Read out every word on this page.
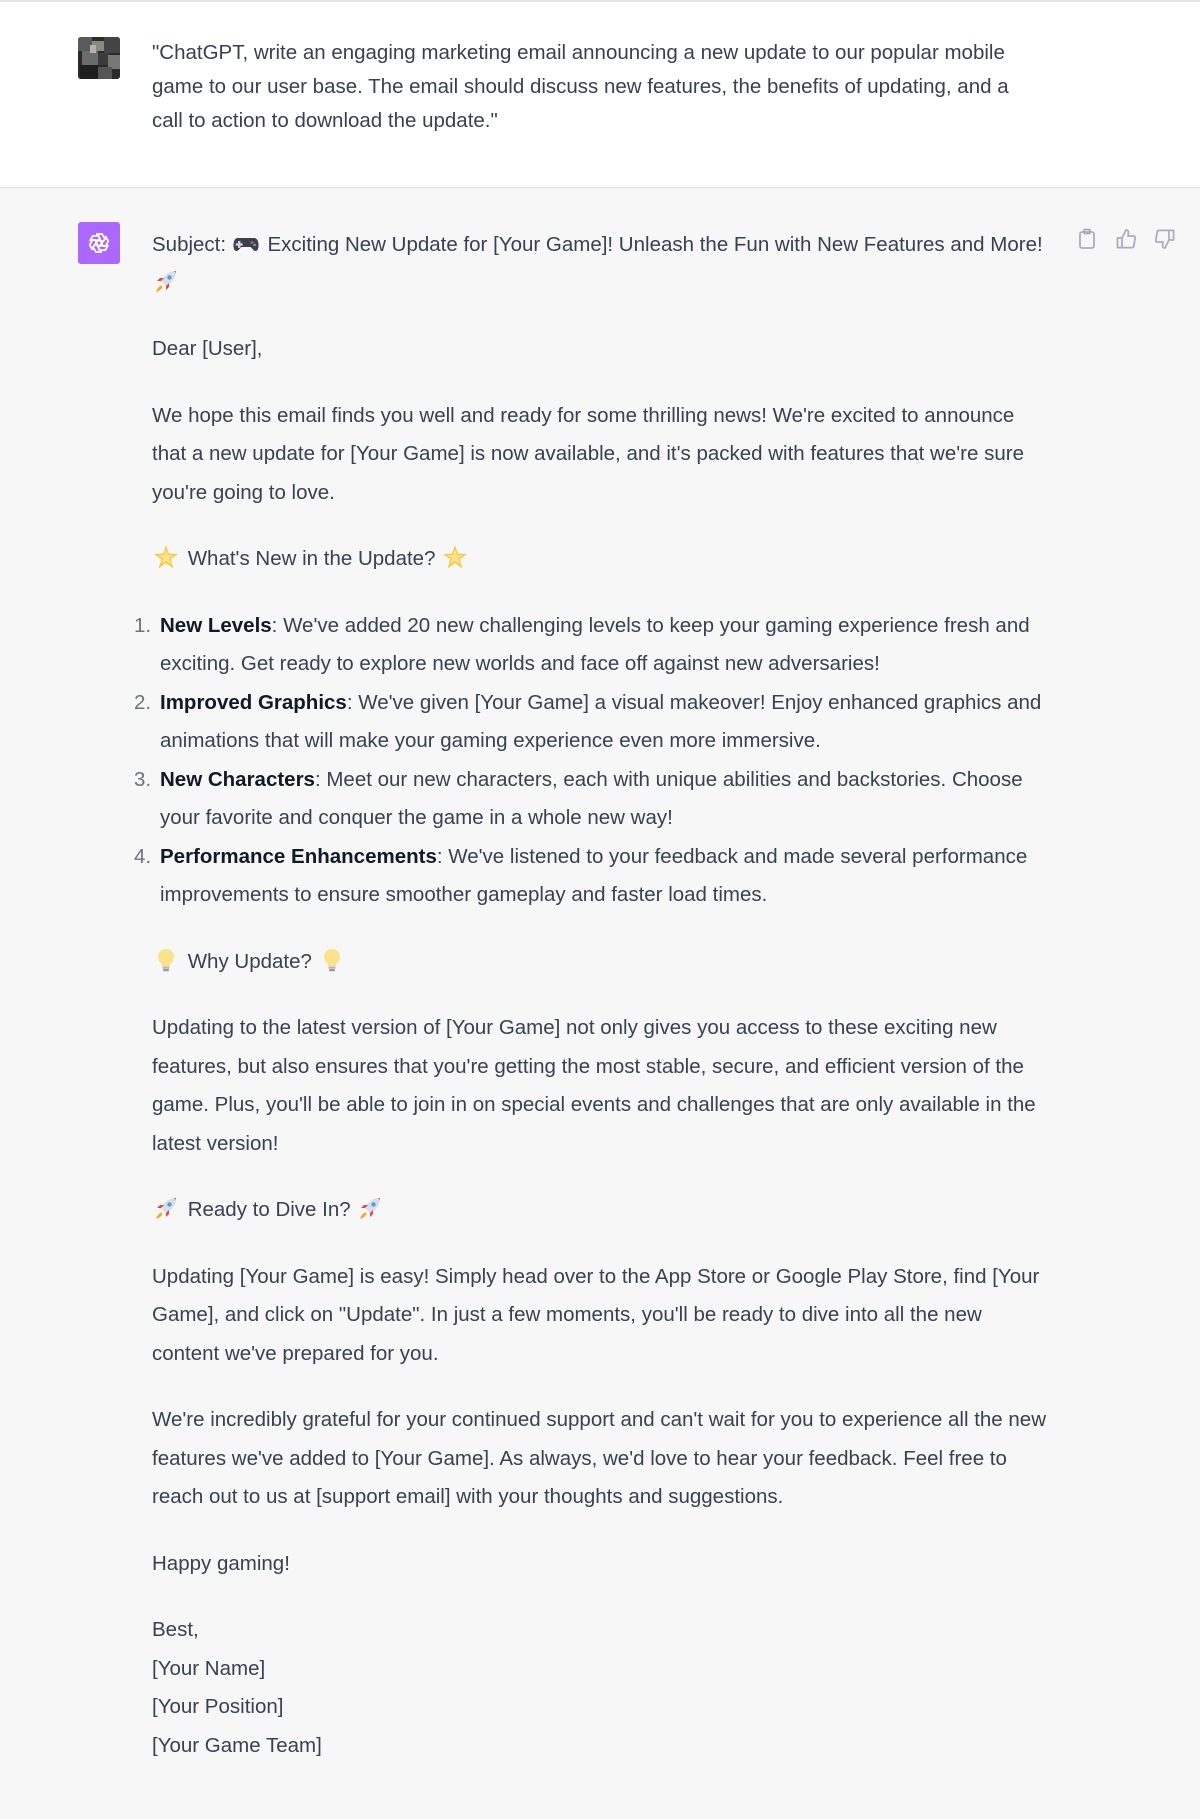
"ChatGPT, write an engaging marketing email announcing a new update to our popular mobile game to our user base. The email should discuss new features, the benefits of updating, and a call to action to download the update."

Subject: Exciting New Update for [Your Game]! Unleash the Fun with New Features and More!

Dear [User],

We hope this email finds you well and ready for some thrilling news! We're excited to announce that a new update for [Your Game] is now available, and it's packed with features that we're sure you're going to love.

What's New in the Update?

1. New Levels: We've added 20 new challenging levels to keep your gaming experience fresh and exciting. Get ready to explore new worlds and face off against new adversaries!
2. Improved Graphics: We've given [Your Game] a visual makeover! Enjoy enhanced graphics and animations that will make your gaming experience even more immersive.
3. New Characters: Meet our new characters, each with unique abilities and backstories. Choose your favorite and conquer the game in a whole new way!
4. Performance Enhancements: We've listened to your feedback and made several performance improvements to ensure smoother gameplay and faster load times.

Why Update?

Updating to the latest version of [Your Game] not only gives you access to these exciting new features, but also ensures that you're getting the most stable, secure, and efficient version of the game. Plus, you'll be able to join in on special events and challenges that are only available in the latest version!

Ready to Dive In?

Updating [Your Game] is easy! Simply head over to the App Store or Google Play Store, find [Your Game], and click on "Update". In just a few moments, you'll be ready to dive into all the new content we've prepared for you.

We're incredibly grateful for your continued support and can't wait for you to experience all the new features we've added to [Your Game]. As always, we'd love to hear your feedback. Feel free to reach out to us at [support email] with your thoughts and suggestions.

Happy gaming!

Best,
[Your Name]
[Your Position]
[Your Game Team]
